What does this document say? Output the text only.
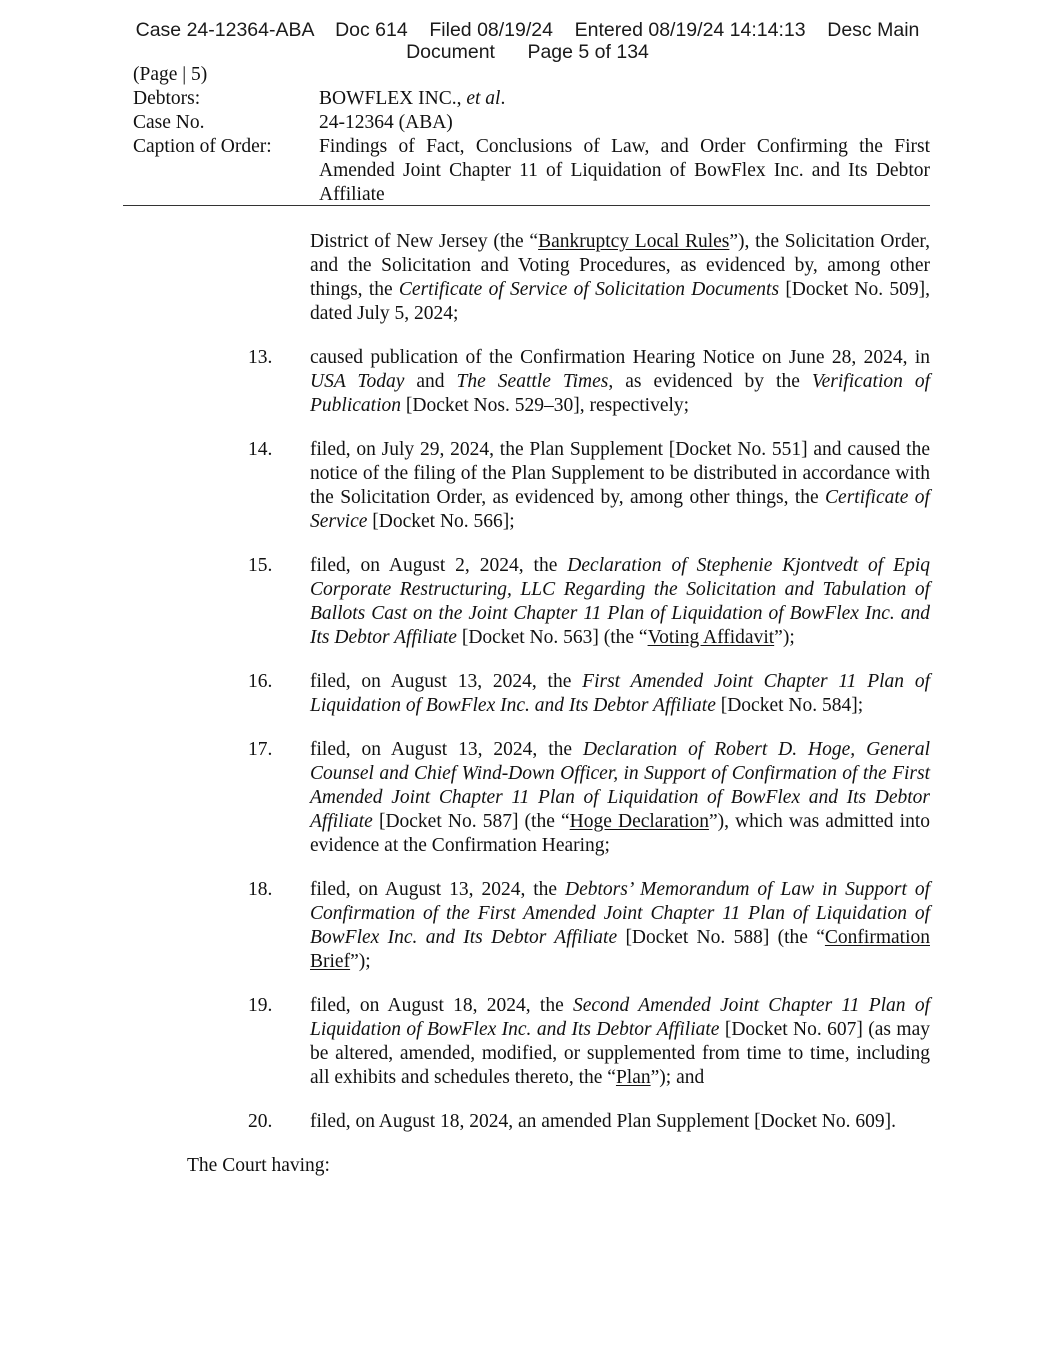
Case 24-12364-ABA    Doc 614    Filed 08/19/24    Entered 08/19/24 14:14:13    Desc Main
Document      Page 5 of 134
(Page | 5)
Debtors:	BOWFLEX INC., et al.
Case No.	24-12364 (ABA)
Caption of Order:	Findings of Fact, Conclusions of Law, and Order Confirming the First Amended Joint Chapter 11 of Liquidation of BowFlex Inc. and Its Debtor Affiliate
District of New Jersey (the “Bankruptcy Local Rules”), the Solicitation Order, and the Solicitation and Voting Procedures, as evidenced by, among other things, the Certificate of Service of Solicitation Documents [Docket No. 509], dated July 5, 2024;
13. caused publication of the Confirmation Hearing Notice on June 28, 2024, in USA Today and The Seattle Times, as evidenced by the Verification of Publication [Docket Nos. 529–30], respectively;
14. filed, on July 29, 2024, the Plan Supplement [Docket No. 551] and caused the notice of the filing of the Plan Supplement to be distributed in accordance with the Solicitation Order, as evidenced by, among other things, the Certificate of Service [Docket No. 566];
15. filed, on August 2, 2024, the Declaration of Stephenie Kjontvedt of Epiq Corporate Restructuring, LLC Regarding the Solicitation and Tabulation of Ballots Cast on the Joint Chapter 11 Plan of Liquidation of BowFlex Inc. and Its Debtor Affiliate [Docket No. 563] (the “Voting Affidavit”);
16. filed, on August 13, 2024, the First Amended Joint Chapter 11 Plan of Liquidation of BowFlex Inc. and Its Debtor Affiliate [Docket No. 584];
17. filed, on August 13, 2024, the Declaration of Robert D. Hoge, General Counsel and Chief Wind-Down Officer, in Support of Confirmation of the First Amended Joint Chapter 11 Plan of Liquidation of BowFlex and Its Debtor Affiliate [Docket No. 587] (the “Hoge Declaration”), which was admitted into evidence at the Confirmation Hearing;
18. filed, on August 13, 2024, the Debtors’ Memorandum of Law in Support of Confirmation of the First Amended Joint Chapter 11 Plan of Liquidation of BowFlex Inc. and Its Debtor Affiliate [Docket No. 588] (the “Confirmation Brief”);
19. filed, on August 18, 2024, the Second Amended Joint Chapter 11 Plan of Liquidation of BowFlex Inc. and Its Debtor Affiliate [Docket No. 607] (as may be altered, amended, modified, or supplemented from time to time, including all exhibits and schedules thereto, the “Plan”); and
20. filed, on August 18, 2024, an amended Plan Supplement [Docket No. 609].
The Court having:
